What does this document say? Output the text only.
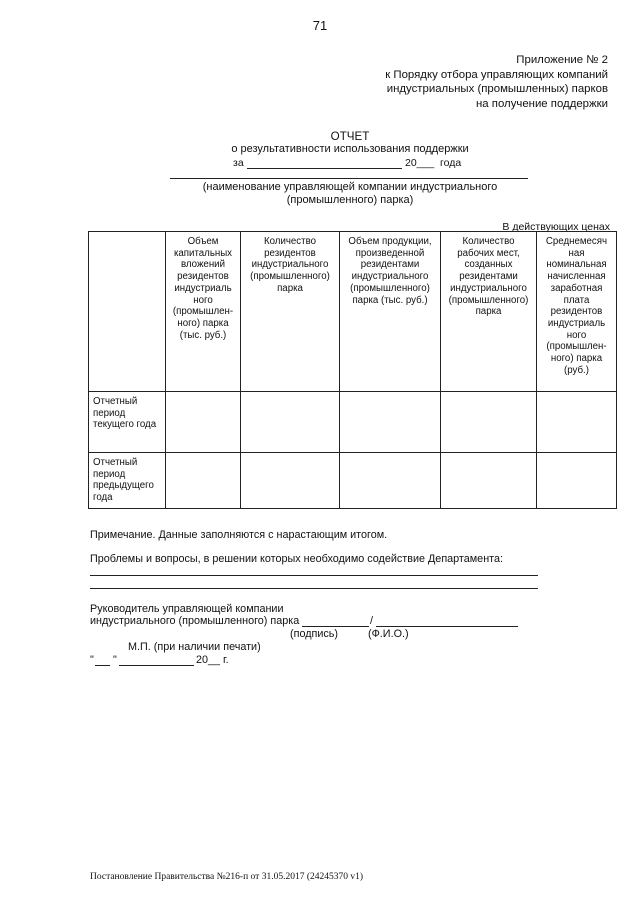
71
Приложение № 2
к Порядку отбора управляющих компаний
индустриальных (промышленных) парков
на получение поддержки
ОТЧЕТ
о результативности использования поддержки
за	20___ года
(наименование управляющей компании индустриального
(промышленного) парка)
В действующих ценах
	Объем капитальных вложений резидентов индустриаль ного (промышлен-ного) парка (тыс. руб.)	Количество резидентов индустриального (промышленного) парка	Объем продукции, произведенной резидентами индустриального (промышленного) парка (тыс. руб.)	Количество рабочих мест, созданных резидентами индустриального (промышленного) парка	Среднемесяч ная номинальная начисленная заработная плата резидентов индустриаль ного (промышлен-ного) парка (руб.)
Отчетный период текущего года					
Отчетный период предыдущего года					
Примечание. Данные заполняются с нарастающим итогом.
Проблемы и вопросы, в решении которых необходимо содействие Департамента:
Руководитель управляющей компании
индустриального (промышленного) парка	/
(подпись)	(Ф.И.О.)
М.П. (при наличии печати)
" "	20__ г.
Постановление Правительства №216-п от 31.05.2017 (24245370 v1)
